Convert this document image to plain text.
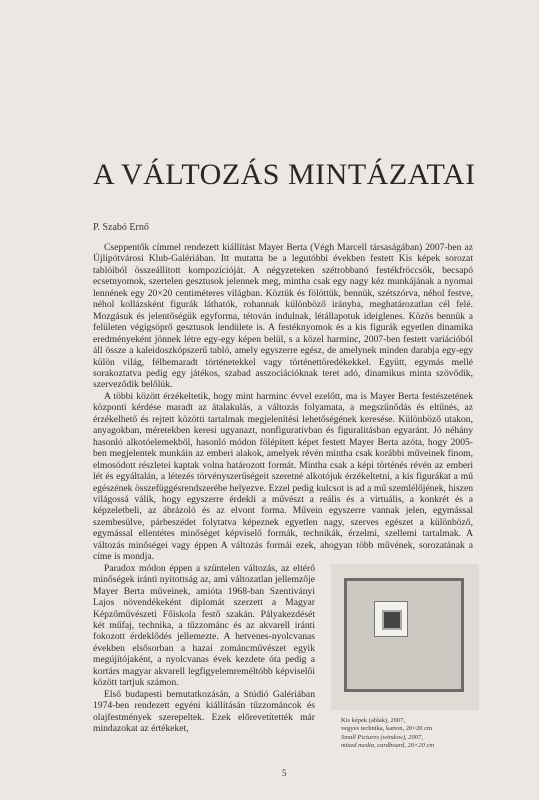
A VÁLTOZÁS MINTÁZATAI
P. Szabó Ernő

Cseppentők címmel rendezett kiállítást Mayer Berta (Végh Marcell társaságában) 2007-ben az Újlipótvárosi Klub-Galériában. Itt mutatta be a legutóbbi években festett Kis képek sorozat tablóiból összeállított kompozícióját. A négyzeteken szétrobbanó festékfröccsök, becsapó ecsetnyomok, szertelen gesztusok jelennek meg, mintha csak egy nagy kéz munkájának a nyomai lennének egy 20×20 centiméteres világban. Köztük és fölöttük, bennük, szétszórva, néhol festve, néhol kollázsként figurák láthatók, rohannak különböző irányba, meghatározatlan cél felé. Mozgásuk és jelentőségük egyforma, tétován indulnak, létállapotuk ideiglenes. Közös bennük a felületen végigsöprő gesztusok lendülete is. A festéknyomok és a kis figurák egyetlen dinamika eredményeként jönnek létre egy-egy képen belül, s a közel harminc, 2007-ben festett variációból áll össze a kaleidoszkópszerű tabló, amely egyszerre egész, de amelynek minden darabja egy-egy külön világ, félbemaradt történetekkel vagy történettöredékekkel. Együtt, egymás mellé sorakoztatva pedig egy játékos, szabad asszociációknak teret adó, dinamikus minta szövődik, szerveződik belőlük.

A többi között érzékeltetik, hogy mint harminc évvel ezelőtt, ma is Mayer Berta festészetének központi kérdése maradt az átalakulás, a változás folyamata, a megszűnődás és eltűnés, az érzékelhető és rejtett közötti tartalmak megjelenítési lehetőségének keresése. Különböző utakon, anyagokban, méretekben keresi ugyanazt, nonfiguratívban és figuralitásban egyaránt. Jó néhány hasonló alkotóelemekből, hasonló módon fölépített képet festett Mayer Berta azóta, hogy 2005-ben megjelentek munkáin az emberi alakok, amelyek révén mintha csak korábbi műveinek finom, elmosódott részletei kaptak volna határozott formát. Mintha csak a képi történés révén az emberi lét és egyáltalán, a létezés törvényszerűségeit szeretné alkotójuk érzékeltetni, a kis figurákat a mű egészének összefüggésrendszerébe helyezve. Ezzel pedig kulcsot is ad a mű szemlélőjének, hiszen világossá válik, hogy egyszerre érdekli a művészt a reális és a virtuális, a konkrét és a képzeletbeli, az ábrázoló és az elvont forma. Művein egyszerre vannak jelen, egymással szembesülve, párbeszédet folytatva képeznek egyetlen nagy, szerves egészet a különböző, egymással ellentétes minőséget képviselő formák, technikák, érzelmi, szellemi tartalmak. A változás minőségei vagy éppen A változás formái ezek, ahogyan több művének, sorozatának a címe is mondja.

Paradox módon éppen a szüntelen változás, az eltérő minőségek iránti nyitottság az, ami változatlan jellemzője Mayer Berta műveinek, amióta 1968-ban Szentiványi Lajos növendékeként diplomát szerzett a Magyar Képzőművészeti Főiskola festő szakán. Pályakezdését két műfaj, technika, a tűzzománc és az akvarell iránti fokozott érdeklődés jellemezte. A hetvenes-nyolcvanas években elsősorban a hazai zománcművészet egyik megújítójaként, a nyolcvanas évek kezdete óta pedig a kortárs magyar akvarell legfigyelemreméltóbb képviselői között tartjuk számon.

Első budapesti bemutatkozásán, a Stúdió Galériában 1974-ben rendezett egyéni kiállításán tűzzománcok és olajfestmények szerepeltek. Ezek előrevetítették már mindazokat az értékeket,

Kis képek (ablak), 2007,
vegyes technika, karton, 20×20 cm
Small Pictures (window), 2007,
mixed media, cardboard, 20×20 cm
5
